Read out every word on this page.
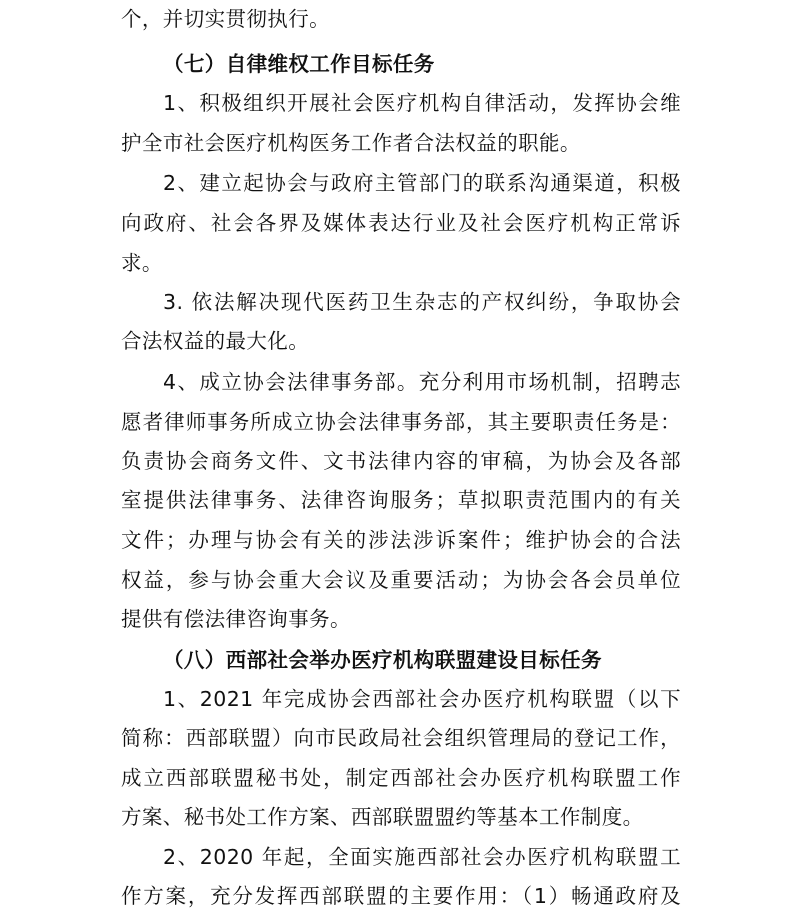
个，并切实贯彻执行。
（七）自律维权工作目标任务
1、积极组织开展社会医疗机构自律活动，发挥协会维
护全市社会医疗机构医务工作者合法权益的职能。
2、建立起协会与政府主管部门的联系沟通渠道，积极
向政府、社会各界及媒体表达行业及社会医疗机构正常诉
求。
3. 依法解决现代医药卫生杂志的产权纠纷，争取协会
合法权益的最大化。
4、成立协会法律事务部。充分利用市场机制，招聘志
愿者律师事务所成立协会法律事务部，其主要职责任务是：
负责协会商务文件、文书法律内容的审稿，为协会及各部
室提供法律事务、法律咨询服务；草拟职责范围内的有关
文件；办理与协会有关的涉法涉诉案件；维护协会的合法
权益，参与协会重大会议及重要活动；为协会各会员单位
提供有偿法律咨询事务。
（八）西部社会举办医疗机构联盟建设目标任务
1、2021 年完成协会西部社会办医疗机构联盟（以下
简称：西部联盟）向市民政局社会组织管理局的登记工作，
成立西部联盟秘书处，制定西部社会办医疗机构联盟工作
方案、秘书处工作方案、西部联盟盟约等基本工作制度。
2、2020 年起，全面实施西部社会办医疗机构联盟工
作方案，充分发挥西部联盟的主要作用：（1）畅通政府及
